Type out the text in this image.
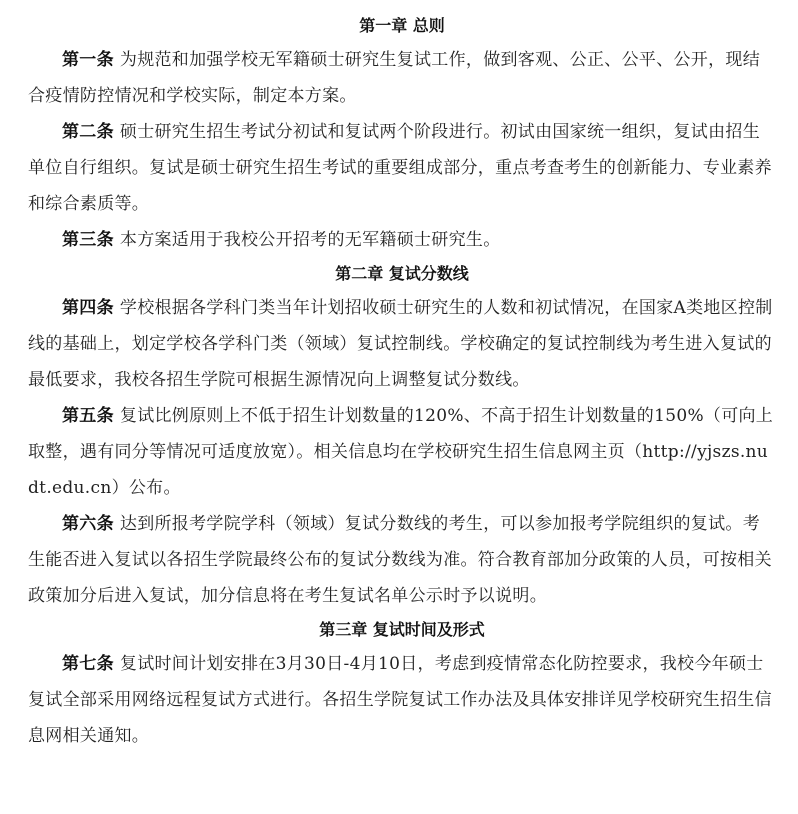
第一章 总则

第一条 为规范和加强学校无军籍硕士研究生复试工作，做到客观、公正、公平、公开，现结合疫情防控情况和学校实际，制定本方案。

第二条 硕士研究生招生考试分初试和复试两个阶段进行。初试由国家统一组织，复试由招生单位自行组织。复试是硕士研究生招生考试的重要组成部分，重点考查考生的创新能力、专业素养和综合素质等。

第三条 本方案适用于我校公开招考的无军籍硕士研究生。

第二章 复试分数线

第四条 学校根据各学科门类当年计划招收硕士研究生的人数和初试情况，在国家A类地区控制线的基础上，划定学校各学科门类（领域）复试控制线。学校确定的复试控制线为考生进入复试的最低要求，我校各招生学院可根据生源情况向上调整复试分数线。

第五条 复试比例原则上不低于招生计划数量的120%、不高于招生计划数量的150%（可向上取整，遇有同分等情况可适度放宽）。相关信息均在学校研究生招生信息网主页（http://yjszs.nudt.edu.cn）公布。

第六条 达到所报考学院学科（领域）复试分数线的考生，可以参加报考学院组织的复试。考生能否进入复试以各招生学院最终公布的复试分数线为准。符合教育部加分政策的人员，可按相关政策加分后进入复试，加分信息将在考生复试名单公示时予以说明。

第三章 复试时间及形式

第七条 复试时间计划安排在3月30日-4月10日，考虑到疫情常态化防控要求，我校今年硕士复试全部采用网络远程复试方式进行。各招生学院复试工作办法及具体安排详见学校研究生招生信息网相关通知。
